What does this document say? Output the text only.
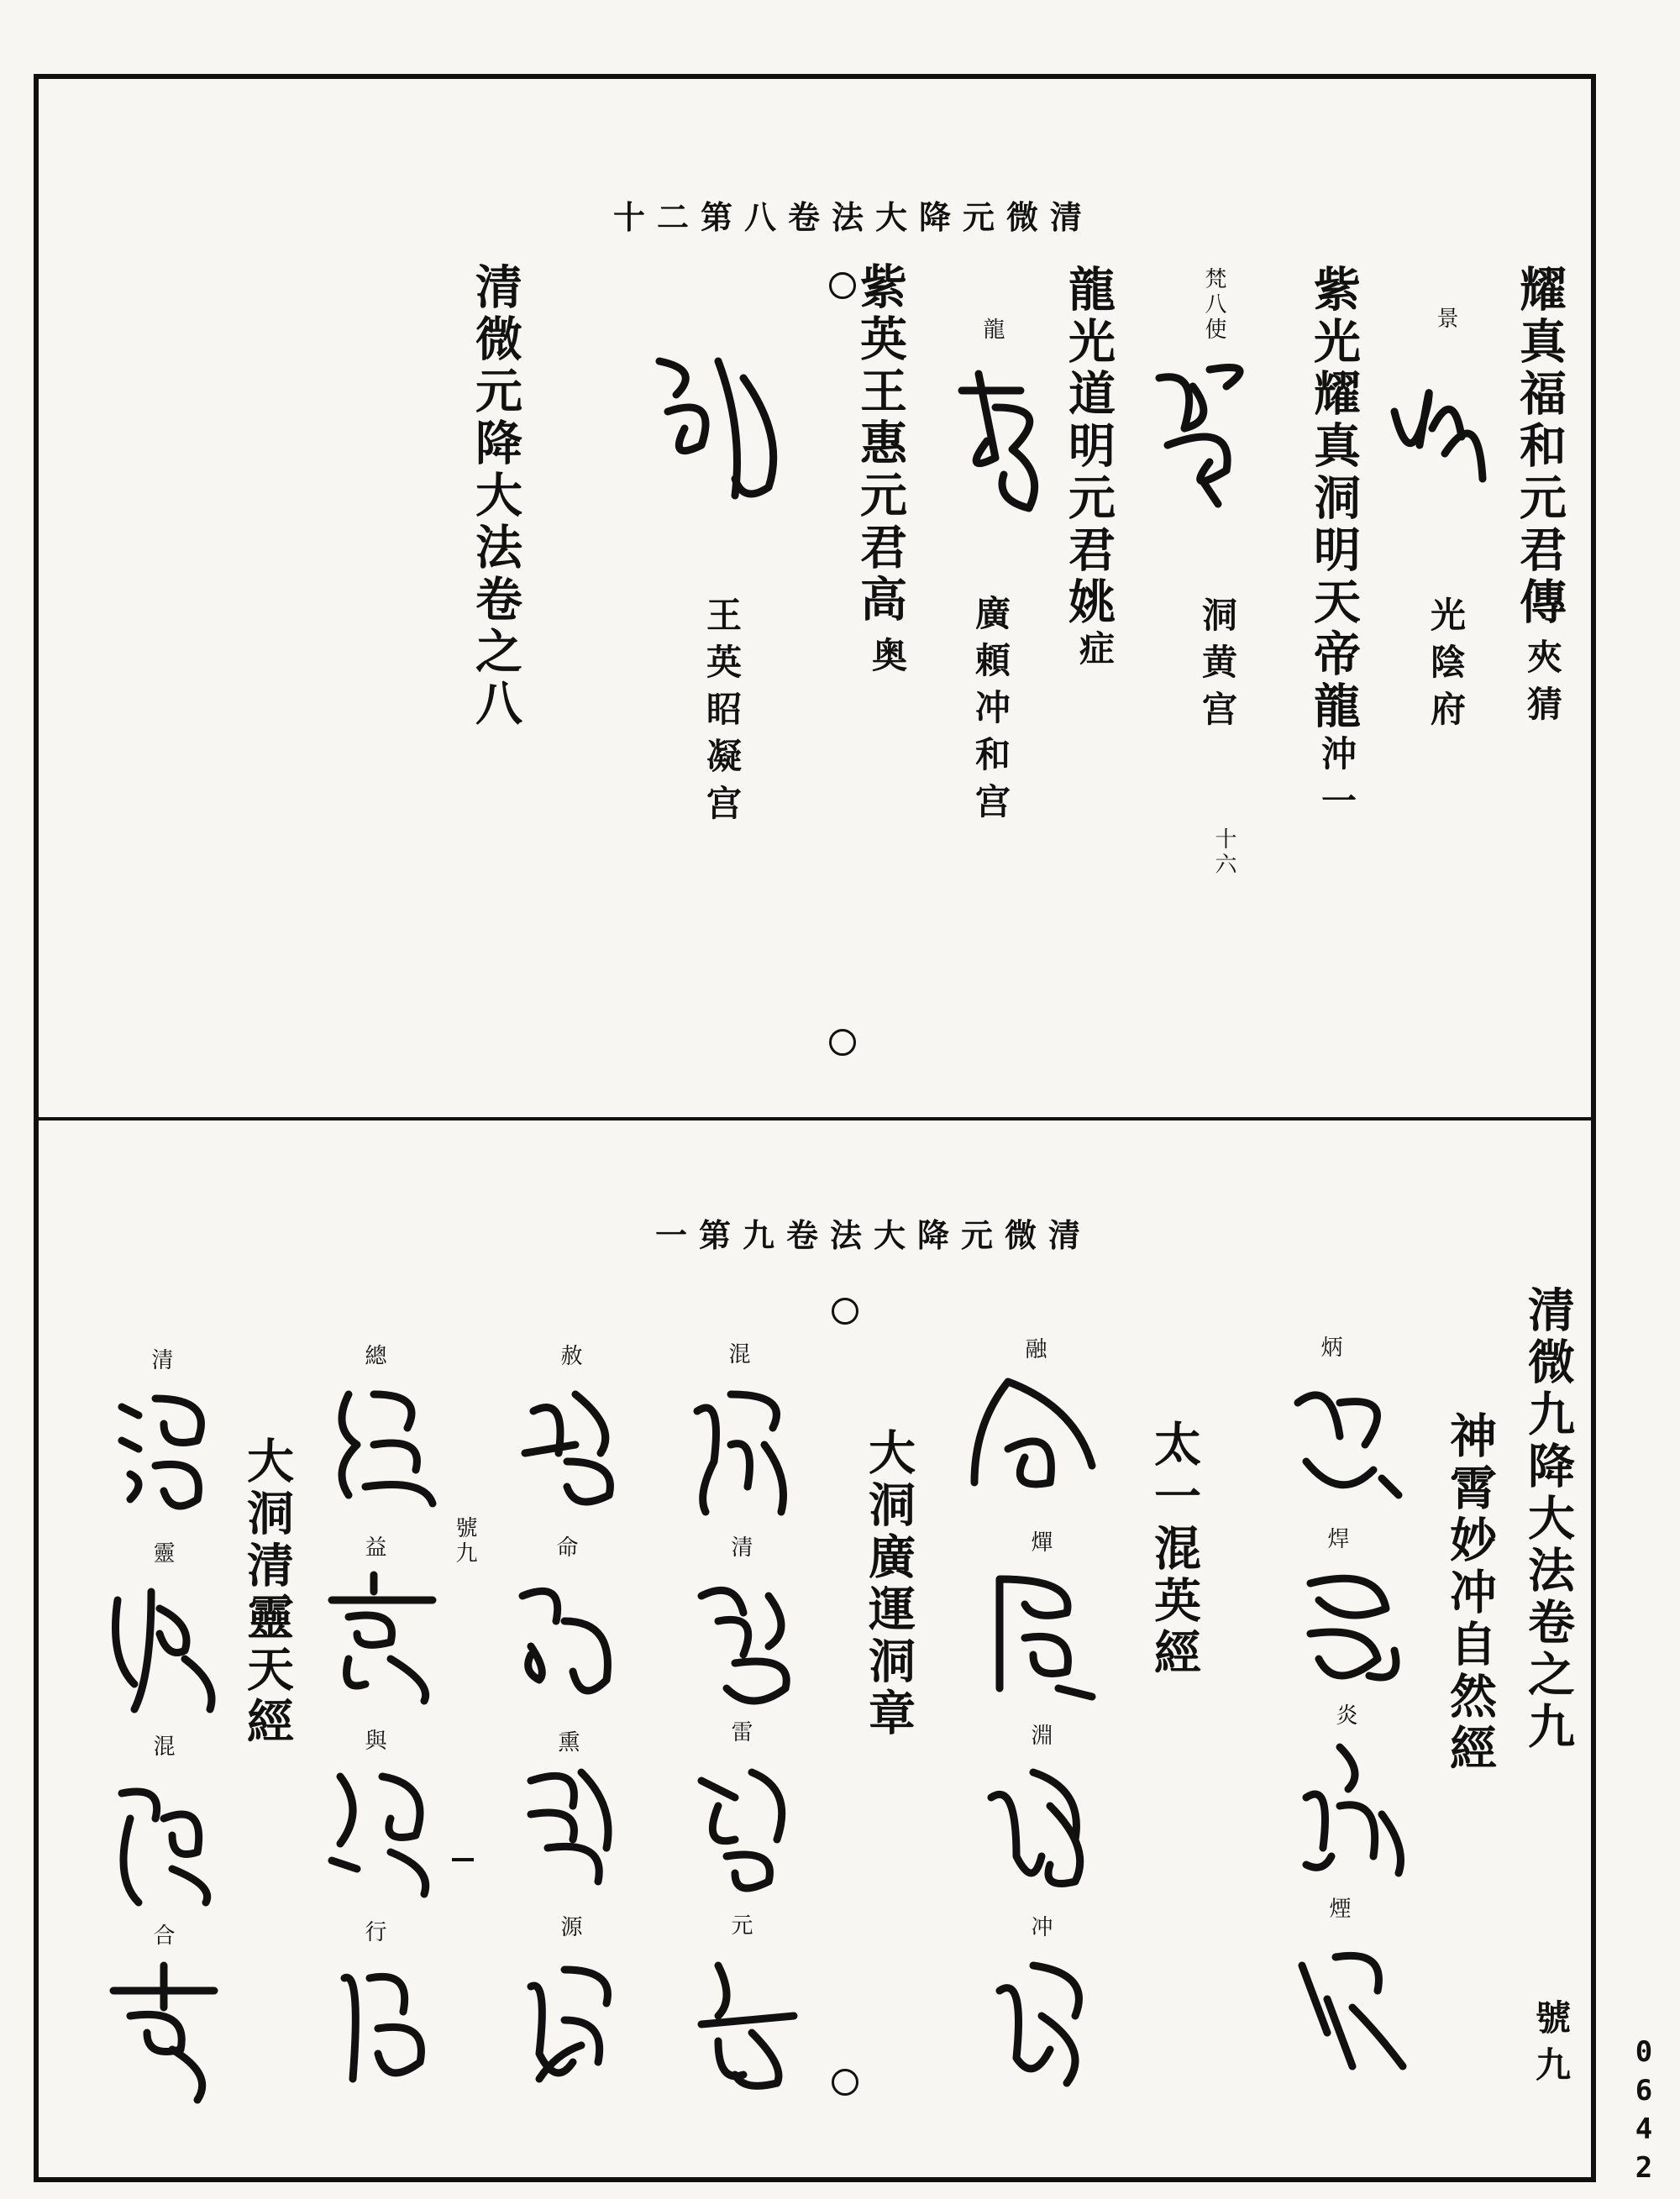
清微元降大法卷八第二十
耀真福和元君傳
夾猜
景
光陰府
紫光耀真洞明天帝龍
沖一
梵八使
洞黄宫
十六
龍光道明元君姚
症
龍
廣頼冲和宫
紫英王惠元君高
奥
王英眧凝宫
清微元降大法卷之八
清微元降大法卷九第一
清微九降大法卷之九
神霄妙冲自然經
太一混英經
大洞廣運洞章
大洞清靈天經
號九
號九
炳
焊
炎
煙
融
燀
淵
冲
混
清
雷
元
赦
命
熏
源
總
益
與
行
清
靈
混
合
0
6
4
2
